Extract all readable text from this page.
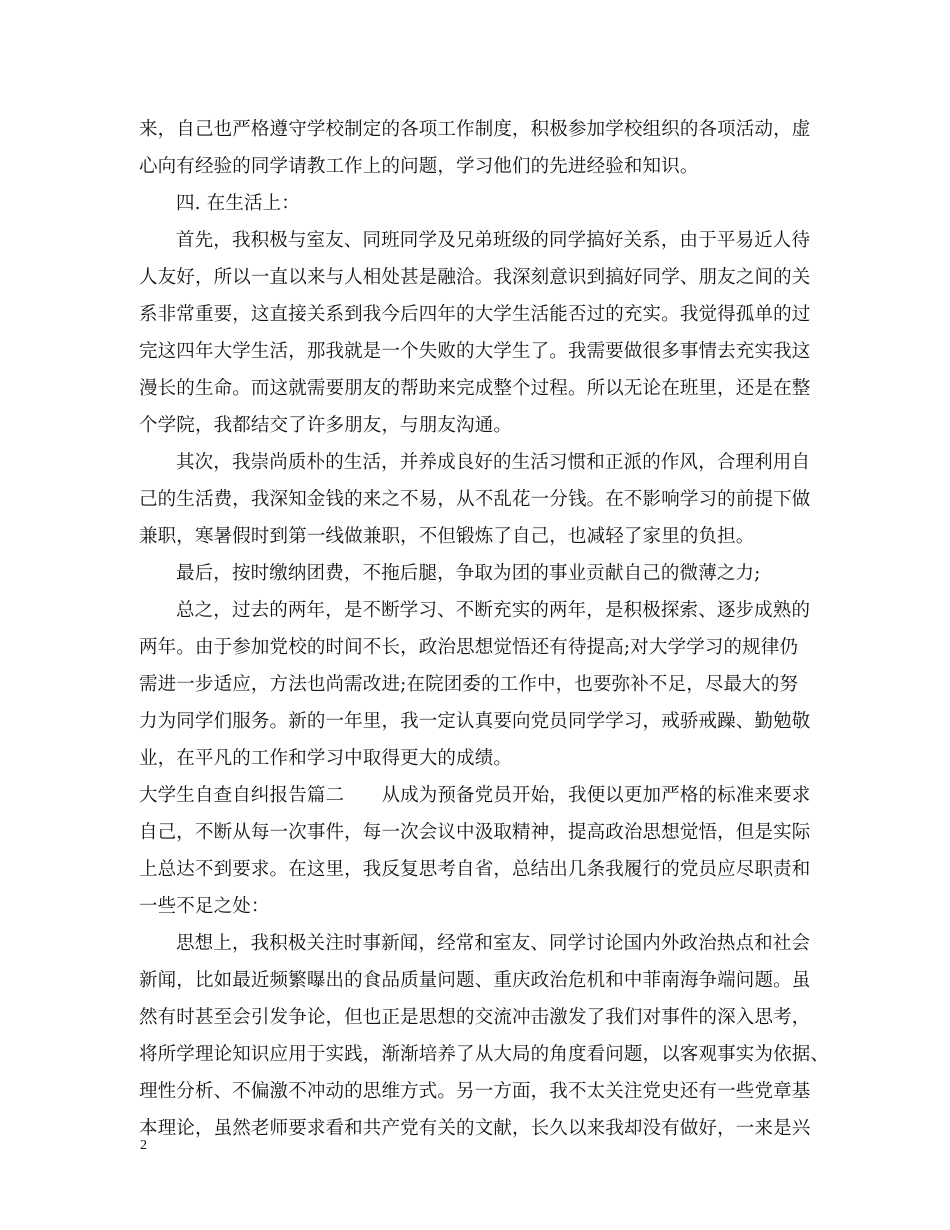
来，自己也严格遵守学校制定的各项工作制度，积极参加学校组织的各项活动，虚
心向有经验的同学请教工作上的问题，学习他们的先进经验和知识。
四. 在生活上：
首先，我积极与室友、同班同学及兄弟班级的同学搞好关系，由于平易近人待
人友好，所以一直以来与人相处甚是融洽。我深刻意识到搞好同学、朋友之间的关
系非常重要，这直接关系到我今后四年的大学生活能否过的充实。我觉得孤单的过
完这四年大学生活，那我就是一个失败的大学生了。我需要做很多事情去充实我这
漫长的生命。而这就需要朋友的帮助来完成整个过程。所以无论在班里，还是在整
个学院，我都结交了许多朋友，与朋友沟通。
其次，我崇尚质朴的生活，并养成良好的生活习惯和正派的作风，合理利用自
己的生活费，我深知金钱的来之不易，从不乱花一分钱。在不影响学习的前提下做
兼职，寒暑假时到第一线做兼职，不但锻炼了自己，也减轻了家里的负担。
最后，按时缴纳团费，不拖后腿，争取为团的事业贡献自己的微薄之力;
总之，过去的两年，是不断学习、不断充实的两年，是积极探索、逐步成熟的
两年。由于参加党校的时间不长，政治思想觉悟还有待提高;对大学学习的规律仍
需进一步适应，方法也尚需改进;在院团委的工作中，也要弥补不足，尽最大的努
力为同学们服务。新的一年里，我一定认真要向党员同学学习，戒骄戒躁、勤勉敬
业，在平凡的工作和学习中取得更大的成绩。
大学生自查自纠报告篇二　　从成为预备党员开始，我便以更加严格的标准来要求
自己，不断从每一次事件，每一次会议中汲取精神，提高政治思想觉悟，但是实际
上总达不到要求。在这里，我反复思考自省，总结出几条我履行的党员应尽职责和
一些不足之处：
思想上，我积极关注时事新闻，经常和室友、同学讨论国内外政治热点和社会
新闻，比如最近频繁曝出的食品质量问题、重庆政治危机和中菲南海争端问题。虽
然有时甚至会引发争论，但也正是思想的交流冲击激发了我们对事件的深入思考，
将所学理论知识应用于实践，渐渐培养了从大局的角度看问题，以客观事实为依据、
理性分析、不偏激不冲动的思维方式。另一方面，我不太关注党史还有一些党章基
本理论，虽然老师要求看和共产党有关的文献，长久以来我却没有做好，一来是兴
2
